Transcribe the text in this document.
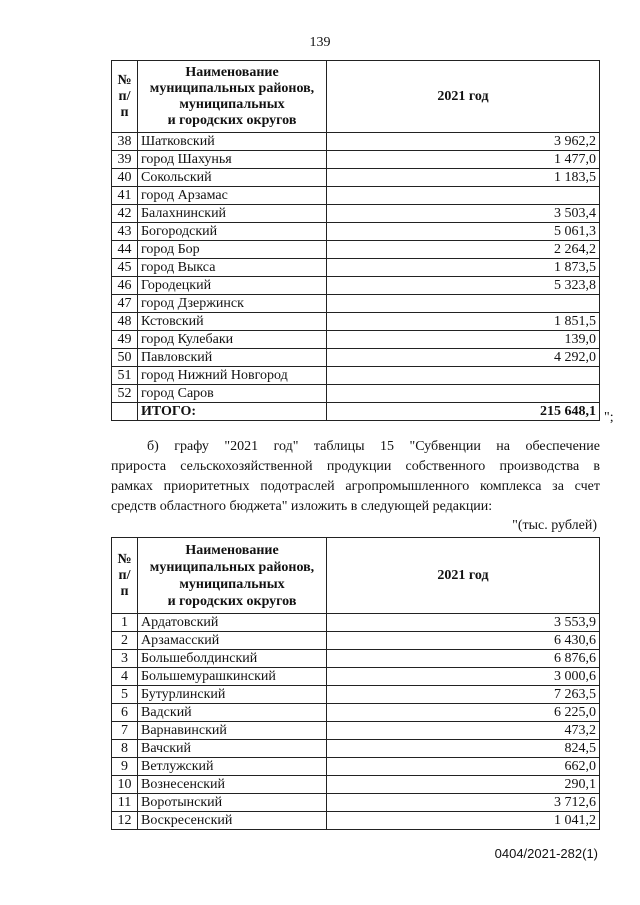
139
№ п/п	Наименование
муниципальных районов,
муниципальных
и городских округов	2021 год
38	Шатковский	3 962,2
39	город Шахунья	1 477,0
40	Сокольский	1 183,5
41	город Арзамас	
42	Балахнинский	3 503,4
43	Богородский	5 061,3
44	город Бор	2 264,2
45	город Выкса	1 873,5
46	Городецкий	5 323,8
47	город Дзержинск	
48	Кстовский	1 851,5
49	город Кулебаки	139,0
50	Павловский	4 292,0
51	город Нижний Новгород	
52	город Саров	
	ИТОГО:	215 648,1 ";

б) графу "2021 год" таблицы 15 "Субвенции на обеспечение
прироста сельскохозяйственной продукции собственного производства в
рамках приоритетных подотраслей агропромышленного комплекса за счет
средств областного бюджета" изложить в следующей редакции:

"(тыс. рублей)
№ п/п	Наименование
муниципальных районов,
муниципальных
и городских округов	2021 год
1	Ардатовский	3 553,9
2	Арзамасский	6 430,6
3	Большеболдинский	6 876,6
4	Большемурашкинский	3 000,6
5	Бутурлинский	7 263,5
6	Вадский	6 225,0
7	Варнавинский	473,2
8	Вачский	824,5
9	Ветлужский	662,0
10	Вознесенский	290,1
11	Воротынский	3 712,6
12	Воскресенский	1 041,2
0404/2021-282(1)
